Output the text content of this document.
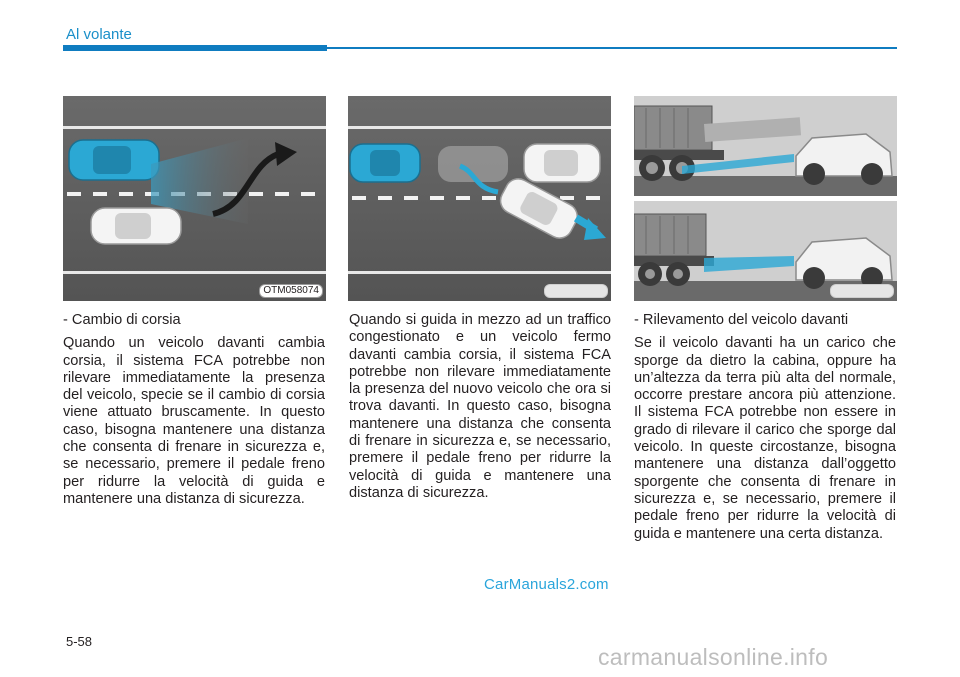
Al volante
OTM058074	OTM058075	OTM058076

- Cambio di corsia

Quando un veicolo davanti cambia corsia, il sistema FCA potrebbe non rilevare immediatamente la presenza del veicolo, specie se il cambio di corsia viene attuato bruscamente. In questo caso, bisogna mantenere una distanza che consenta di frenare in sicurezza e, se necessario, premere il pedale freno per ridurre la velocità di guida e mantenere una distanza di sicurezza.

Quando si guida in mezzo ad un traffico congestionato e un veicolo fermo davanti cambia corsia, il sistema FCA potrebbe non rilevare immediatamente la presenza del nuovo veicolo che ora si trova davanti. In questo caso, bisogna mantenere una distanza che consenta di frenare in sicurezza e, se necessario, premere il pedale freno per ridurre la velocità di guida e mantenere una distanza di sicurezza.

- Rilevamento del veicolo davanti

Se il veicolo davanti ha un carico che sporge da dietro la cabina, oppure ha un’altezza da terra più alta del normale, occorre prestare ancora più attenzione. Il sistema FCA potrebbe non essere in grado di rilevare il carico che sporge dal veicolo. In queste circostanze, bisogna mantenere una distanza dall’oggetto sporgente che consenta di frenare in sicurezza e, se necessario, premere il pedale freno per ridurre la velocità di guida e mantenere una certa distanza.

CarManuals2.com
5-58
carmanualsonline.info
